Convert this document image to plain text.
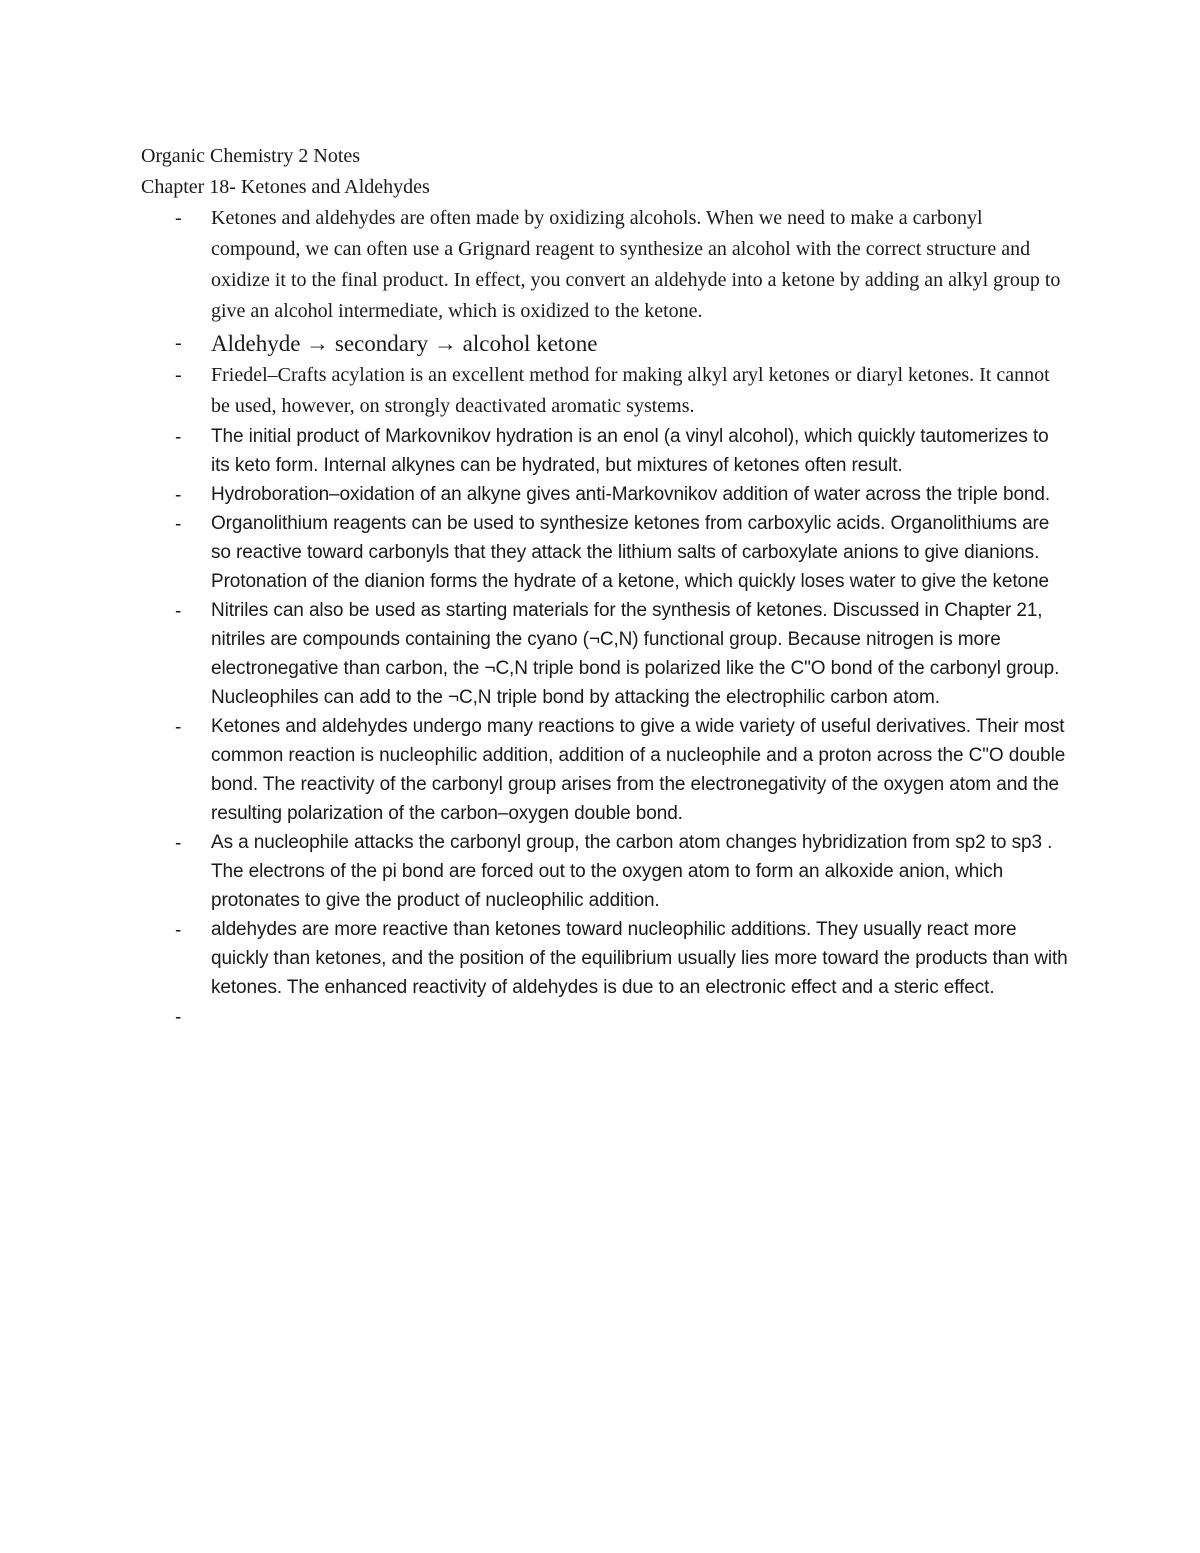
Organic Chemistry 2 Notes
Chapter 18- Ketones and Aldehydes
- Ketones and aldehydes are often made by oxidizing alcohols. When we need to make a carbonyl compound, we can often use a Grignard reagent to synthesize an alcohol with the correct structure and oxidize it to the final product. In effect, you convert an aldehyde into a ketone by adding an alkyl group to give an alcohol intermediate, which is oxidized to the ketone.
- Aldehyde → secondary → alcohol ketone
- Friedel–Crafts acylation is an excellent method for making alkyl aryl ketones or diaryl ketones. It cannot be used, however, on strongly deactivated aromatic systems.
- The initial product of Markovnikov hydration is an enol (a vinyl alcohol), which quickly tautomerizes to its keto form. Internal alkynes can be hydrated, but mixtures of ketones often result.
- Hydroboration–oxidation of an alkyne gives anti-Markovnikov addition of water across the triple bond.
- Organolithium reagents can be used to synthesize ketones from carboxylic acids. Organolithiums are so reactive toward carbonyls that they attack the lithium salts of carboxylate anions to give dianions. Protonation of the dianion forms the hydrate of a ketone, which quickly loses water to give the ketone
- Nitriles can also be used as starting materials for the synthesis of ketones. Discussed in Chapter 21, nitriles are compounds containing the cyano (¬C,N) functional group. Because nitrogen is more electronegative than carbon, the ¬C,N triple bond is polarized like the C"O bond of the carbonyl group. Nucleophiles can add to the ¬C,N triple bond by attacking the electrophilic carbon atom.
- Ketones and aldehydes undergo many reactions to give a wide variety of useful derivatives. Their most common reaction is nucleophilic addition, addition of a nucleophile and a proton across the C"O double bond. The reactivity of the carbonyl group arises from the electronegativity of the oxygen atom and the resulting polarization of the carbon–oxygen double bond.
- As a nucleophile attacks the carbonyl group, the carbon atom changes hybridization from sp2 to sp3 . The electrons of the pi bond are forced out to the oxygen atom to form an alkoxide anion, which protonates to give the product of nucleophilic addition.
- aldehydes are more reactive than ketones toward nucleophilic additions. They usually react more quickly than ketones, and the position of the equilibrium usually lies more toward the products than with ketones. The enhanced reactivity of aldehydes is due to an electronic effect and a steric effect.
-
